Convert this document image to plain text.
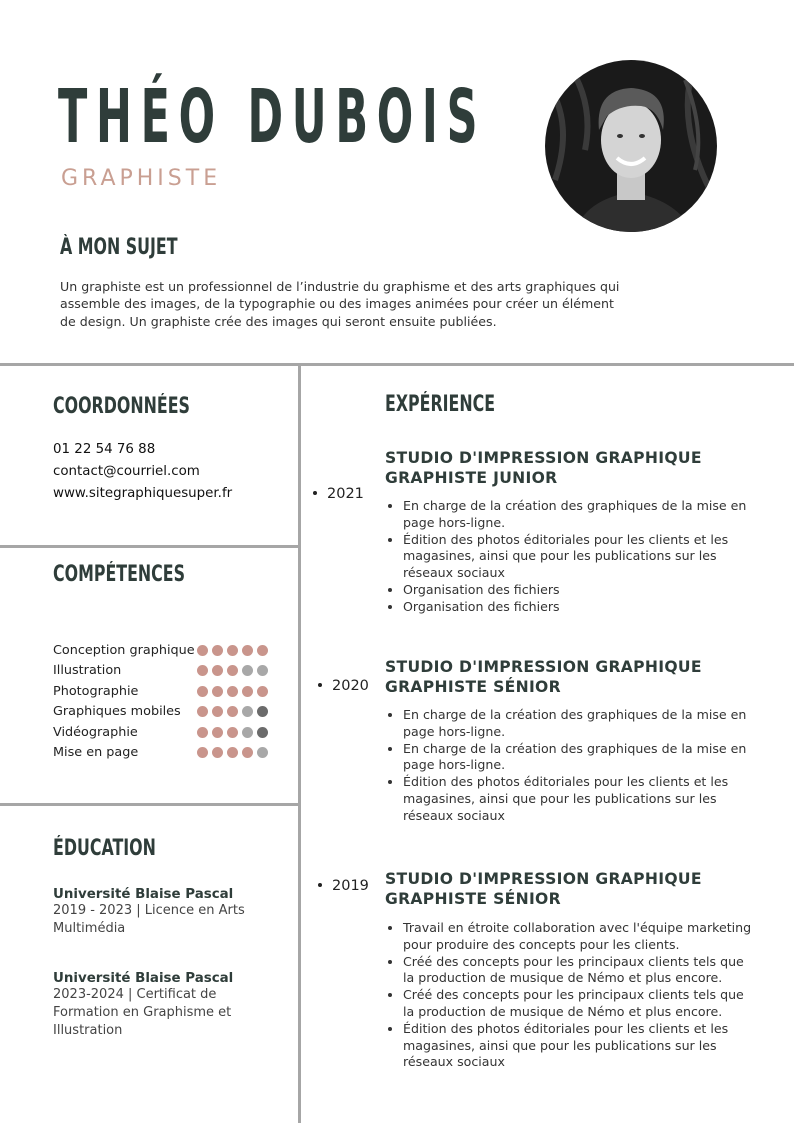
THÉO DUBOIS
GRAPHISTE
À MON SUJET
Un graphiste est un professionnel de l’industrie du graphisme et des arts graphiques qui assemble des images, de la typographie ou des images animées pour créer un élément de design. Un graphiste crée des images qui seront ensuite publiées.
COORDONNÉES
01 22 54 76 88
contact@courriel.com
www.sitegraphiquesuper.fr
COMPÉTENCES
Conception graphique
Illustration
Photographie
Graphiques mobiles
Vidéographie
Mise en page
ÉDUCATION
Université Blaise Pascal
2019 - 2023 | Licence en Arts Multimédia
Université Blaise Pascal
2023-2024 | Certificat de Formation en Graphisme et Illustration
EXPÉRIENCE
2021
STUDIO D'IMPRESSION GRAPHIQUE
GRAPHISTE JUNIOR
• En charge de la création des graphiques de la mise en page hors-ligne.
• Édition des photos éditoriales pour les clients et les magasines, ainsi que pour les publications sur les réseaux sociaux
• Organisation des fichiers
• Organisation des fichiers
2020
STUDIO D'IMPRESSION GRAPHIQUE
GRAPHISTE SÉNIOR
• En charge de la création des graphiques de la mise en page hors-ligne.
• En charge de la création des graphiques de la mise en page hors-ligne.
• Édition des photos éditoriales pour les clients et les magasines, ainsi que pour les publications sur les réseaux sociaux
2019 STUDIO D'IMPRESSION GRAPHIQUE
GRAPHISTE SÉNIOR
• Travail en étroite collaboration avec l'équipe marketing pour produire des concepts pour les clients.
• Créé des concepts pour les principaux clients tels que la production de musique de Némo et plus encore.
• Créé des concepts pour les principaux clients tels que la production de musique de Némo et plus encore.
• Édition des photos éditoriales pour les clients et les magasines, ainsi que pour les publications sur les réseaux sociaux
